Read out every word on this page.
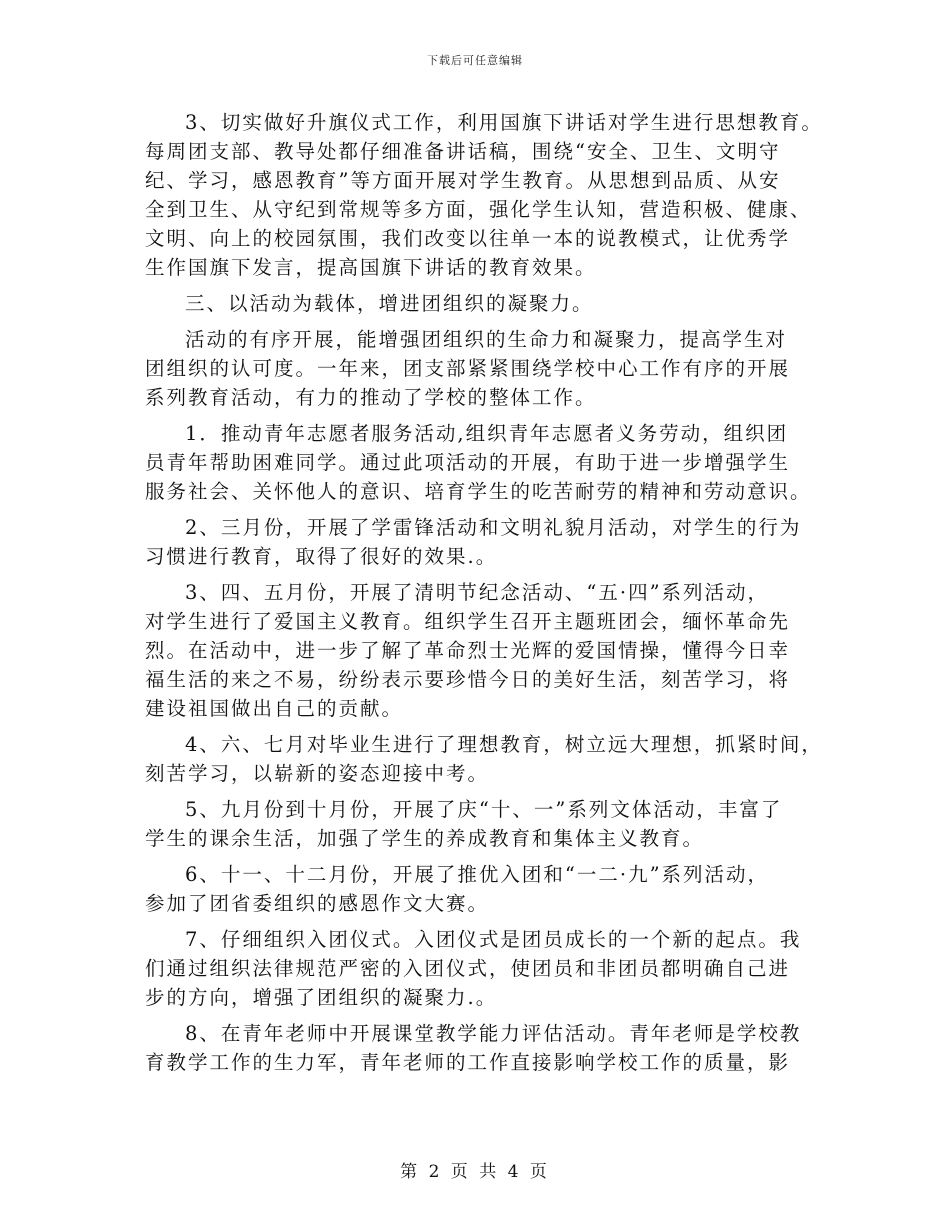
下载后可任意编辑
3、切实做好升旗仪式工作，利用国旗下讲话对学生进行思想教育。
每周团支部、教导处都仔细准备讲话稿，围绕“安全、卫生、文明守
纪、学习，感恩教育”等方面开展对学生教育。从思想到品质、从安
全到卫生、从守纪到常规等多方面，强化学生认知，营造积极、健康、
文明、向上的校园氛围，我们改变以往单一本的说教模式，让优秀学
生作国旗下发言，提高国旗下讲话的教育效果。
三、以活动为载体，增进团组织的凝聚力。
活动的有序开展，能增强团组织的生命力和凝聚力，提高学生对
团组织的认可度。一年来，团支部紧紧围绕学校中心工作有序的开展
系列教育活动，有力的推动了学校的整体工作。
1．推动青年志愿者服务活动,组织青年志愿者义务劳动，组织团
员青年帮助困难同学。通过此项活动的开展，有助于进一步增强学生
服务社会、关怀他人的意识、培育学生的吃苦耐劳的精神和劳动意识。
2、三月份，开展了学雷锋活动和文明礼貌月活动，对学生的行为
习惯进行教育，取得了很好的效果.。
3、四、五月份，开展了清明节纪念活动、“五·四”系列活动，
对学生进行了爱国主义教育。组织学生召开主题班团会，缅怀革命先
烈。在活动中，进一步了解了革命烈士光辉的爱国情操，懂得今日幸
福生活的来之不易，纷纷表示要珍惜今日的美好生活，刻苦学习，将
建设祖国做出自己的贡献。
4、六、七月对毕业生进行了理想教育，树立远大理想，抓紧时间，
刻苦学习，以崭新的姿态迎接中考。
5、九月份到十月份，开展了庆“十、一”系列文体活动，丰富了
学生的课余生活，加强了学生的养成教育和集体主义教育。
6、十一、十二月份，开展了推优入团和“一二·九”系列活动，
参加了团省委组织的感恩作文大赛。
7、仔细组织入团仪式。入团仪式是团员成长的一个新的起点。我
们通过组织法律规范严密的入团仪式，使团员和非团员都明确自己进
步的方向，增强了团组织的凝聚力.。
8、在青年老师中开展课堂教学能力评估活动。青年老师是学校教
育教学工作的生力军，青年老师的工作直接影响学校工作的质量，影
第 2 页 共 4 页
